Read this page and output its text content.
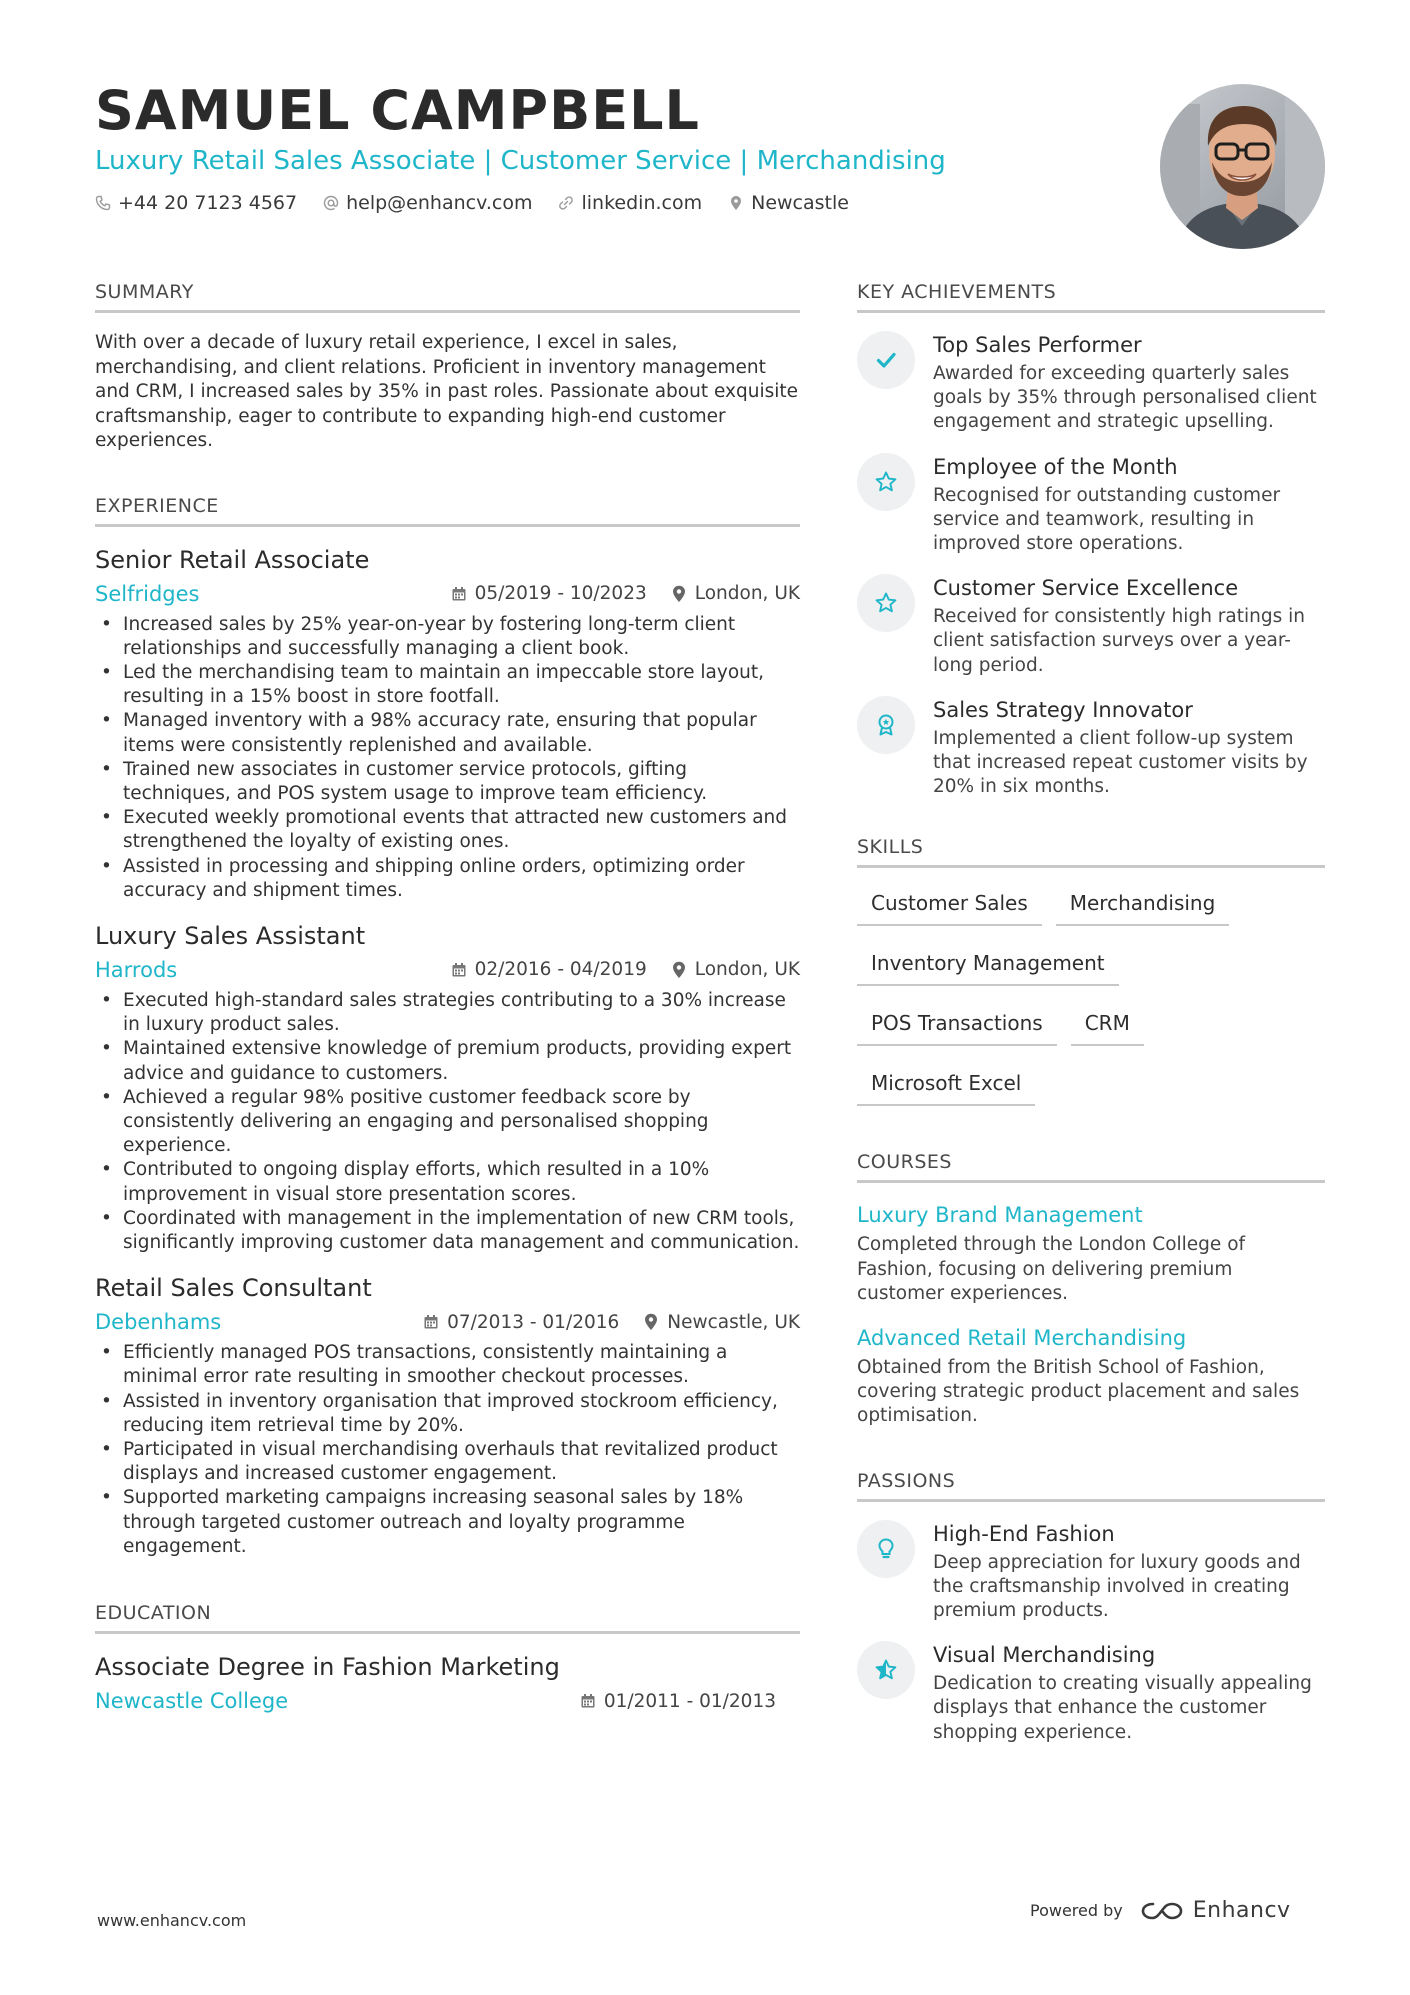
SAMUEL CAMPBELL
Luxury Retail Sales Associate | Customer Service | Merchandising
+44 20 7123 4567	help@enhancv.com	linkedin.com	Newcastle
SUMMARY
With over a decade of luxury retail experience, I excel in sales, merchandising, and client relations. Proficient in inventory management and CRM, I increased sales by 35% in past roles. Passionate about exquisite craftsmanship, eager to contribute to expanding high-end customer experiences.
EXPERIENCE
Senior Retail Associate
Selfridges	05/2019 - 10/2023	London, UK
• Increased sales by 25% year-on-year by fostering long-term client relationships and successfully managing a client book.
• Led the merchandising team to maintain an impeccable store layout, resulting in a 15% boost in store footfall.
• Managed inventory with a 98% accuracy rate, ensuring that popular items were consistently replenished and available.
• Trained new associates in customer service protocols, gifting techniques, and POS system usage to improve team efficiency.
• Executed weekly promotional events that attracted new customers and strengthened the loyalty of existing ones.
• Assisted in processing and shipping online orders, optimizing order accuracy and shipment times.
Luxury Sales Assistant
Harrods	02/2016 - 04/2019	London, UK
• Executed high-standard sales strategies contributing to a 30% increase in luxury product sales.
• Maintained extensive knowledge of premium products, providing expert advice and guidance to customers.
• Achieved a regular 98% positive customer feedback score by consistently delivering an engaging and personalised shopping experience.
• Contributed to ongoing display efforts, which resulted in a 10% improvement in visual store presentation scores.
• Coordinated with management in the implementation of new CRM tools, significantly improving customer data management and communication.
Retail Sales Consultant
Debenhams	07/2013 - 01/2016	Newcastle, UK
• Efficiently managed POS transactions, consistently maintaining a minimal error rate resulting in smoother checkout processes.
• Assisted in inventory organisation that improved stockroom efficiency, reducing item retrieval time by 20%.
• Participated in visual merchandising overhauls that revitalized product displays and increased customer engagement.
• Supported marketing campaigns increasing seasonal sales by 18% through targeted customer outreach and loyalty programme engagement.
EDUCATION
Associate Degree in Fashion Marketing
Newcastle College	01/2011 - 01/2013
KEY ACHIEVEMENTS
Top Sales Performer
Awarded for exceeding quarterly sales goals by 35% through personalised client engagement and strategic upselling.
Employee of the Month
Recognised for outstanding customer service and teamwork, resulting in improved store operations.
Customer Service Excellence
Received for consistently high ratings in client satisfaction surveys over a year-long period.
Sales Strategy Innovator
Implemented a client follow-up system that increased repeat customer visits by 20% in six months.
SKILLS
Customer Sales	Merchandising
Inventory Management
POS Transactions	CRM
Microsoft Excel
COURSES
Luxury Brand Management
Completed through the London College of Fashion, focusing on delivering premium customer experiences.
Advanced Retail Merchandising
Obtained from the British School of Fashion, covering strategic product placement and sales optimisation.
PASSIONS
High-End Fashion
Deep appreciation for luxury goods and the craftsmanship involved in creating premium products.
Visual Merchandising
Dedication to creating visually appealing displays that enhance the customer shopping experience.
www.enhancv.com
Powered by	Enhancv
